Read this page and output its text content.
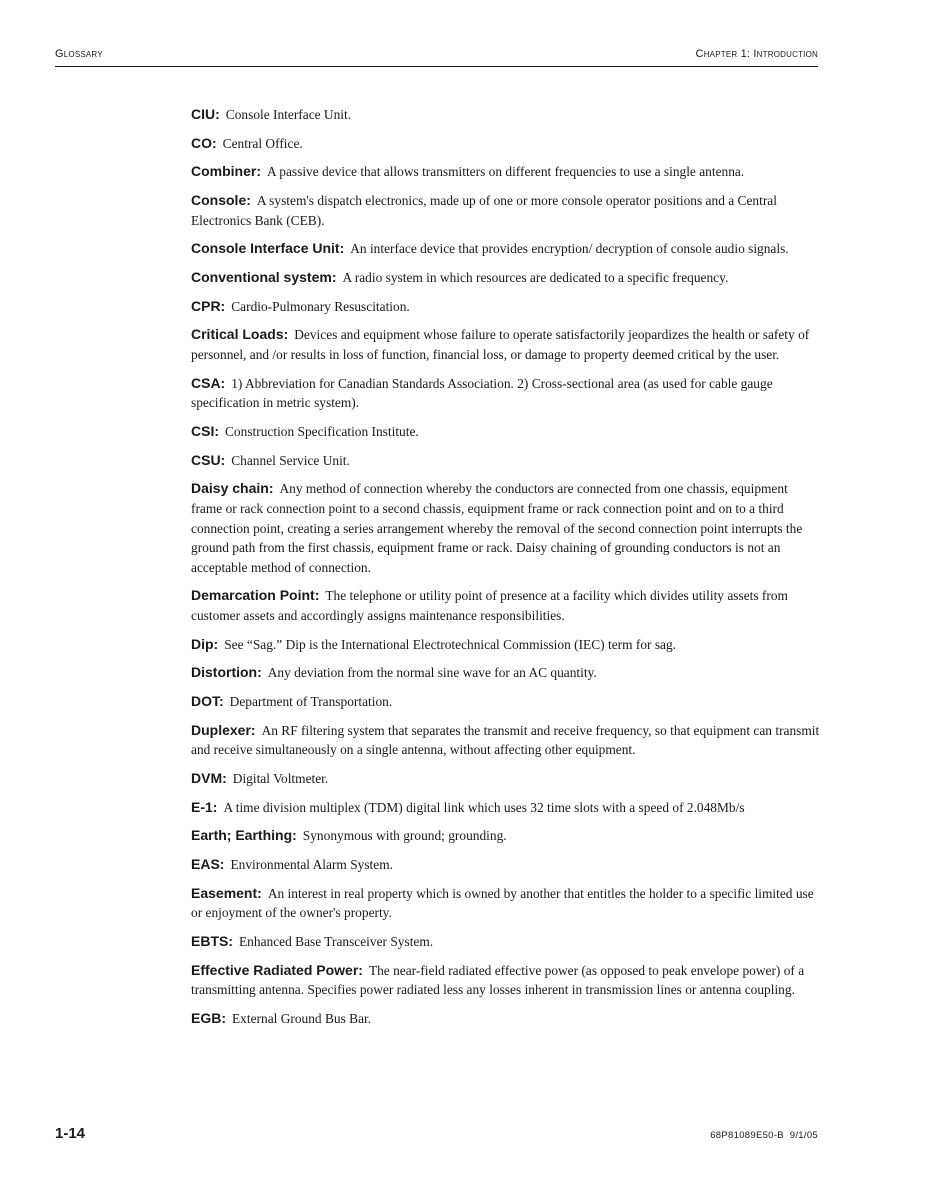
Glossary	Chapter 1: Introduction

CIU: Console Interface Unit.

CO: Central Office.

Combiner: A passive device that allows transmitters on different frequencies to use a single antenna.

Console: A system's dispatch electronics, made up of one or more console operator positions and a Central Electronics Bank (CEB).

Console Interface Unit: An interface device that provides encryption/ decryption of console audio signals.

Conventional system: A radio system in which resources are dedicated to a specific frequency.

CPR: Cardio-Pulmonary Resuscitation.

Critical Loads: Devices and equipment whose failure to operate satisfactorily jeopardizes the health or safety of personnel, and /or results in loss of function, financial loss, or damage to property deemed critical by the user.

CSA: 1) Abbreviation for Canadian Standards Association. 2) Cross-sectional area (as used for cable gauge specification in metric system).

CSI: Construction Specification Institute.

CSU: Channel Service Unit.

Daisy chain: Any method of connection whereby the conductors are connected from one chassis, equipment frame or rack connection point to a second chassis, equipment frame or rack connection point and on to a third connection point, creating a series arrangement whereby the removal of the second connection point interrupts the ground path from the first chassis, equipment frame or rack. Daisy chaining of grounding conductors is not an acceptable method of connection.

Demarcation Point: The telephone or utility point of presence at a facility which divides utility assets from customer assets and accordingly assigns maintenance responsibilities.

Dip: See “Sag.” Dip is the International Electrotechnical Commission (IEC) term for sag.

Distortion: Any deviation from the normal sine wave for an AC quantity.

DOT: Department of Transportation.

Duplexer: An RF filtering system that separates the transmit and receive frequency, so that equipment can transmit and receive simultaneously on a single antenna, without affecting other equipment.

DVM: Digital Voltmeter.

E-1: A time division multiplex (TDM) digital link which uses 32 time slots with a speed of 2.048Mb/s

Earth; Earthing: Synonymous with ground; grounding.

EAS: Environmental Alarm System.

Easement: An interest in real property which is owned by another that entitles the holder to a specific limited use or enjoyment of the owner's property.

EBTS: Enhanced Base Transceiver System.

Effective Radiated Power: The near-field radiated effective power (as opposed to peak envelope power) of a transmitting antenna. Specifies power radiated less any losses inherent in transmission lines or antenna coupling.

EGB: External Ground Bus Bar.

1-14	68P81089E50-B 9/1/05
